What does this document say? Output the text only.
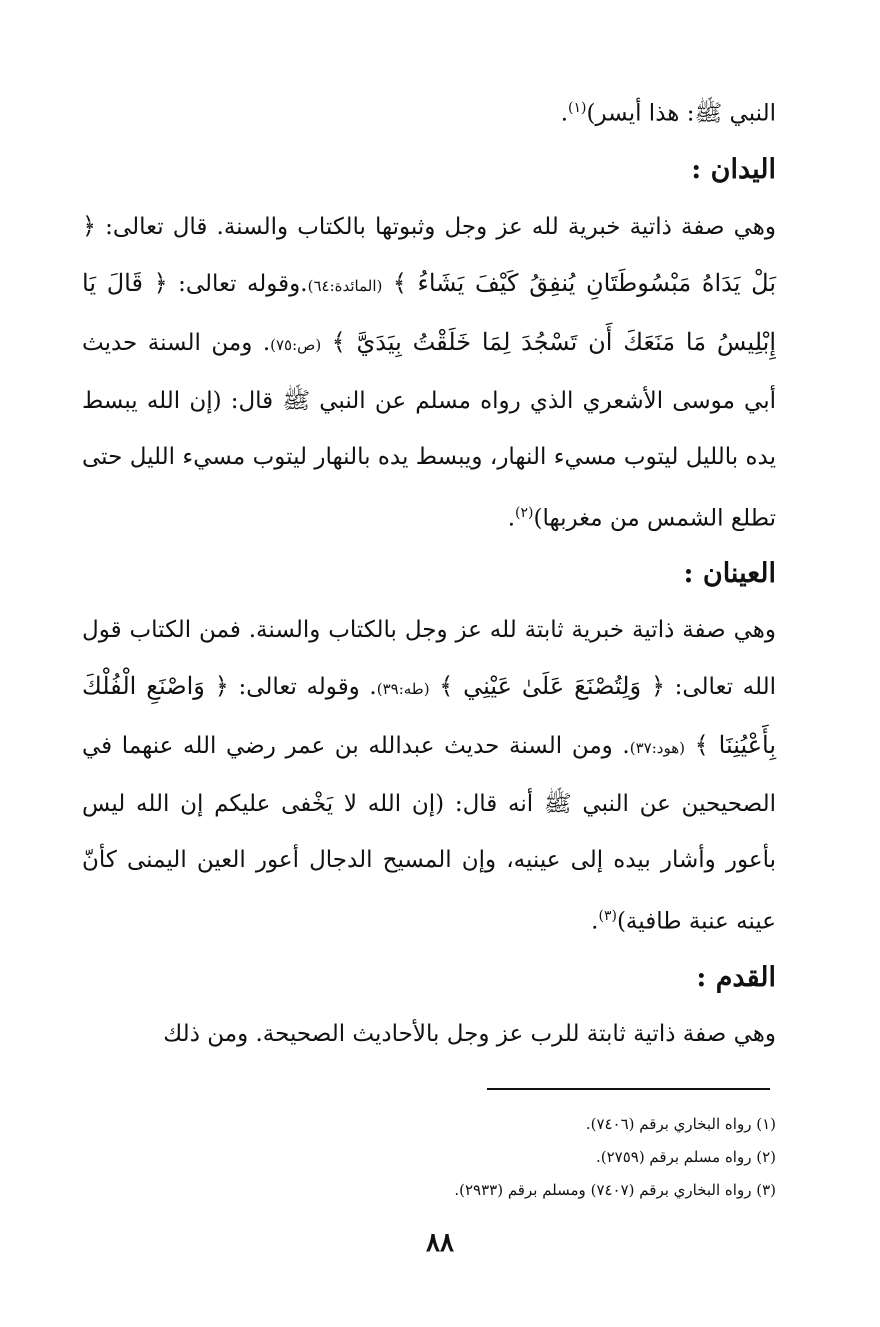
النبي ﷺ: هذا أيسر)$^{(١)}$.

اليدان :

وهي صفة ذاتية خبرية لله عز وجل وثبوتها بالكتاب والسنة. قال تعالى: ﴿ بَلْ يَدَاهُ مَبْسُوطَتَانِ يُنفِقُ كَيْفَ يَشَاءُ ﴾ (المائدة:٦٤).وقوله تعالى: ﴿ قَالَ يَا إِبْلِيسُ مَا مَنَعَكَ أَن تَسْجُدَ لِمَا خَلَقْتُ بِيَدَيَّ ﴾ (ص:٧٥). ومن السنة حديث أبي موسى الأشعري الذي رواه مسلم عن النبي ﷺ قال: (إن الله يبسط يده بالليل ليتوب مسيء النهار، ويبسط يده بالنهار ليتوب مسيء الليل حتى تطلع الشمس من مغربها)$^{(٢)}$.

العينان :

وهي صفة ذاتية خبرية ثابتة لله عز وجل بالكتاب والسنة. فمن الكتاب قول الله تعالى: ﴿ وَلِتُصْنَعَ عَلَىٰ عَيْنِي ﴾ (طه:٣٩). وقوله تعالى: ﴿ وَاصْنَعِ الْفُلْكَ بِأَعْيُنِنَا ﴾ (هود:٣٧). ومن السنة حديث عبدالله بن عمر رضي الله عنهما في الصحيحين عن النبي ﷺ أنه قال: (إن الله لا يَخْفى عليكم إن الله ليس بأعور وأشار بيده إلى عينيه، وإن المسيح الدجال أعور العين اليمنى كأنّ عينه عنبة طافية)$^{(٣)}$.

القدم :

وهي صفة ذاتية ثابتة للرب عز وجل بالأحاديث الصحيحة. ومن ذلك

(١) رواه البخاري برقم (٧٤٠٦).

(٢) رواه مسلم برقم (٢٧٥٩).

(٣) رواه البخاري برقم (٧٤٠٧) ومسلم برقم (٢٩٣٣).

٨٨
